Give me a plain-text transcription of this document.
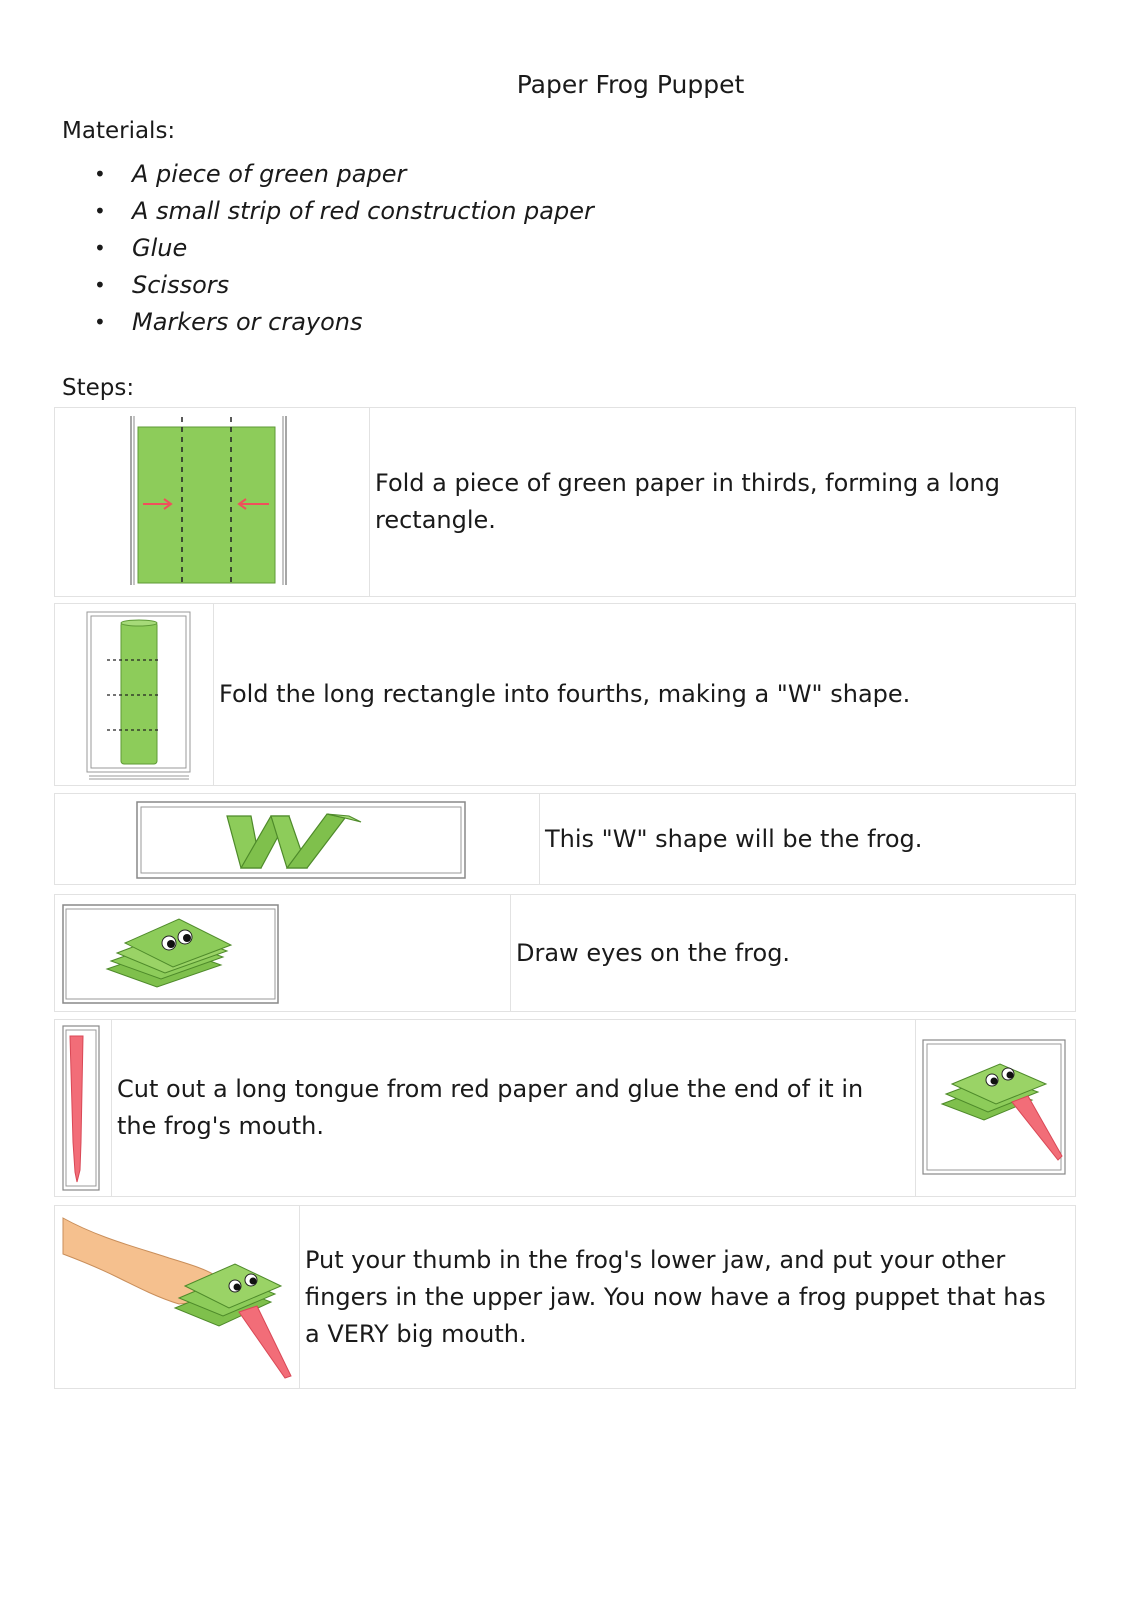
Paper Frog Puppet
Materials:
• A piece of green paper
• A small strip of red construction paper
• Glue
• Scissors
• Markers or crayons
Steps:
Fold a piece of green paper in thirds, forming a long rectangle.
Fold the long rectangle into fourths, making a "W" shape.
This "W" shape will be the frog.
Draw eyes on the frog.
Cut out a long tongue from red paper and glue the end of it in the frog's mouth.
Put your thumb in the frog's lower jaw, and put your other fingers in the upper jaw. You now have a frog puppet that has a VERY big mouth.
